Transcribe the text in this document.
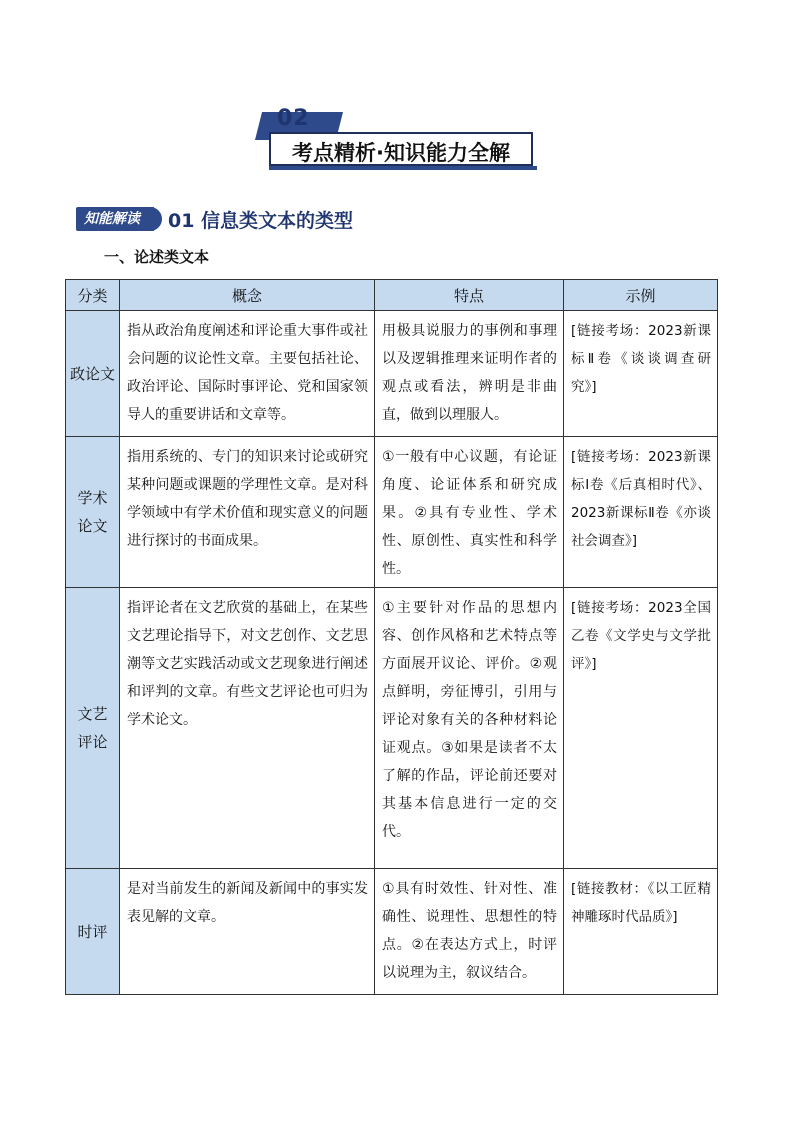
02
考点精析·知识能力全解
知能解读	01 信息类文本的类型
一、论述类文本
分类	概念	特点	示例
政论文	指从政治角度阐述和评论重大事件或社会问题的议论性文章。主要包括社论、政治评论、国际时事评论、党和国家领导人的重要讲话和文章等。	用极具说服力的事例和事理以及逻辑推理来证明作者的观点或看法，辨明是非曲直，做到以理服人。	[链接考场：2023新课标Ⅱ卷《谈谈调查研究》]
学术论文	指用系统的、专门的知识来讨论或研究某种问题或课题的学理性文章。是对科学领域中有学术价值和现实意义的问题进行探讨的书面成果。	①一般有中心议题，有论证角度、论证体系和研究成果。②具有专业性、学术性、原创性、真实性和科学性。	[链接考场：2023新课标Ⅰ卷《后真相时代》、2023新课标Ⅱ卷《亦谈社会调查》]
文艺评论	指评论者在文艺欣赏的基础上，在某些文艺理论指导下，对文艺创作、文艺思潮等文艺实践活动或文艺现象进行阐述和评判的文章。有些文艺评论也可归为学术论文。	①主要针对作品的思想内容、创作风格和艺术特点等方面展开议论、评价。②观点鲜明，旁征博引，引用与评论对象有关的各种材料论证观点。③如果是读者不太了解的作品，评论前还要对其基本信息进行一定的交代。	[链接考场：2023全国乙卷《文学史与文学批评》]
时评	是对当前发生的新闻及新闻中的事实发表见解的文章。	①具有时效性、针对性、准确性、说理性、思想性的特点。②在表达方式上，时评以说理为主，叙议结合。	[链接教材：《以工匠精神雕琢时代品质》]
